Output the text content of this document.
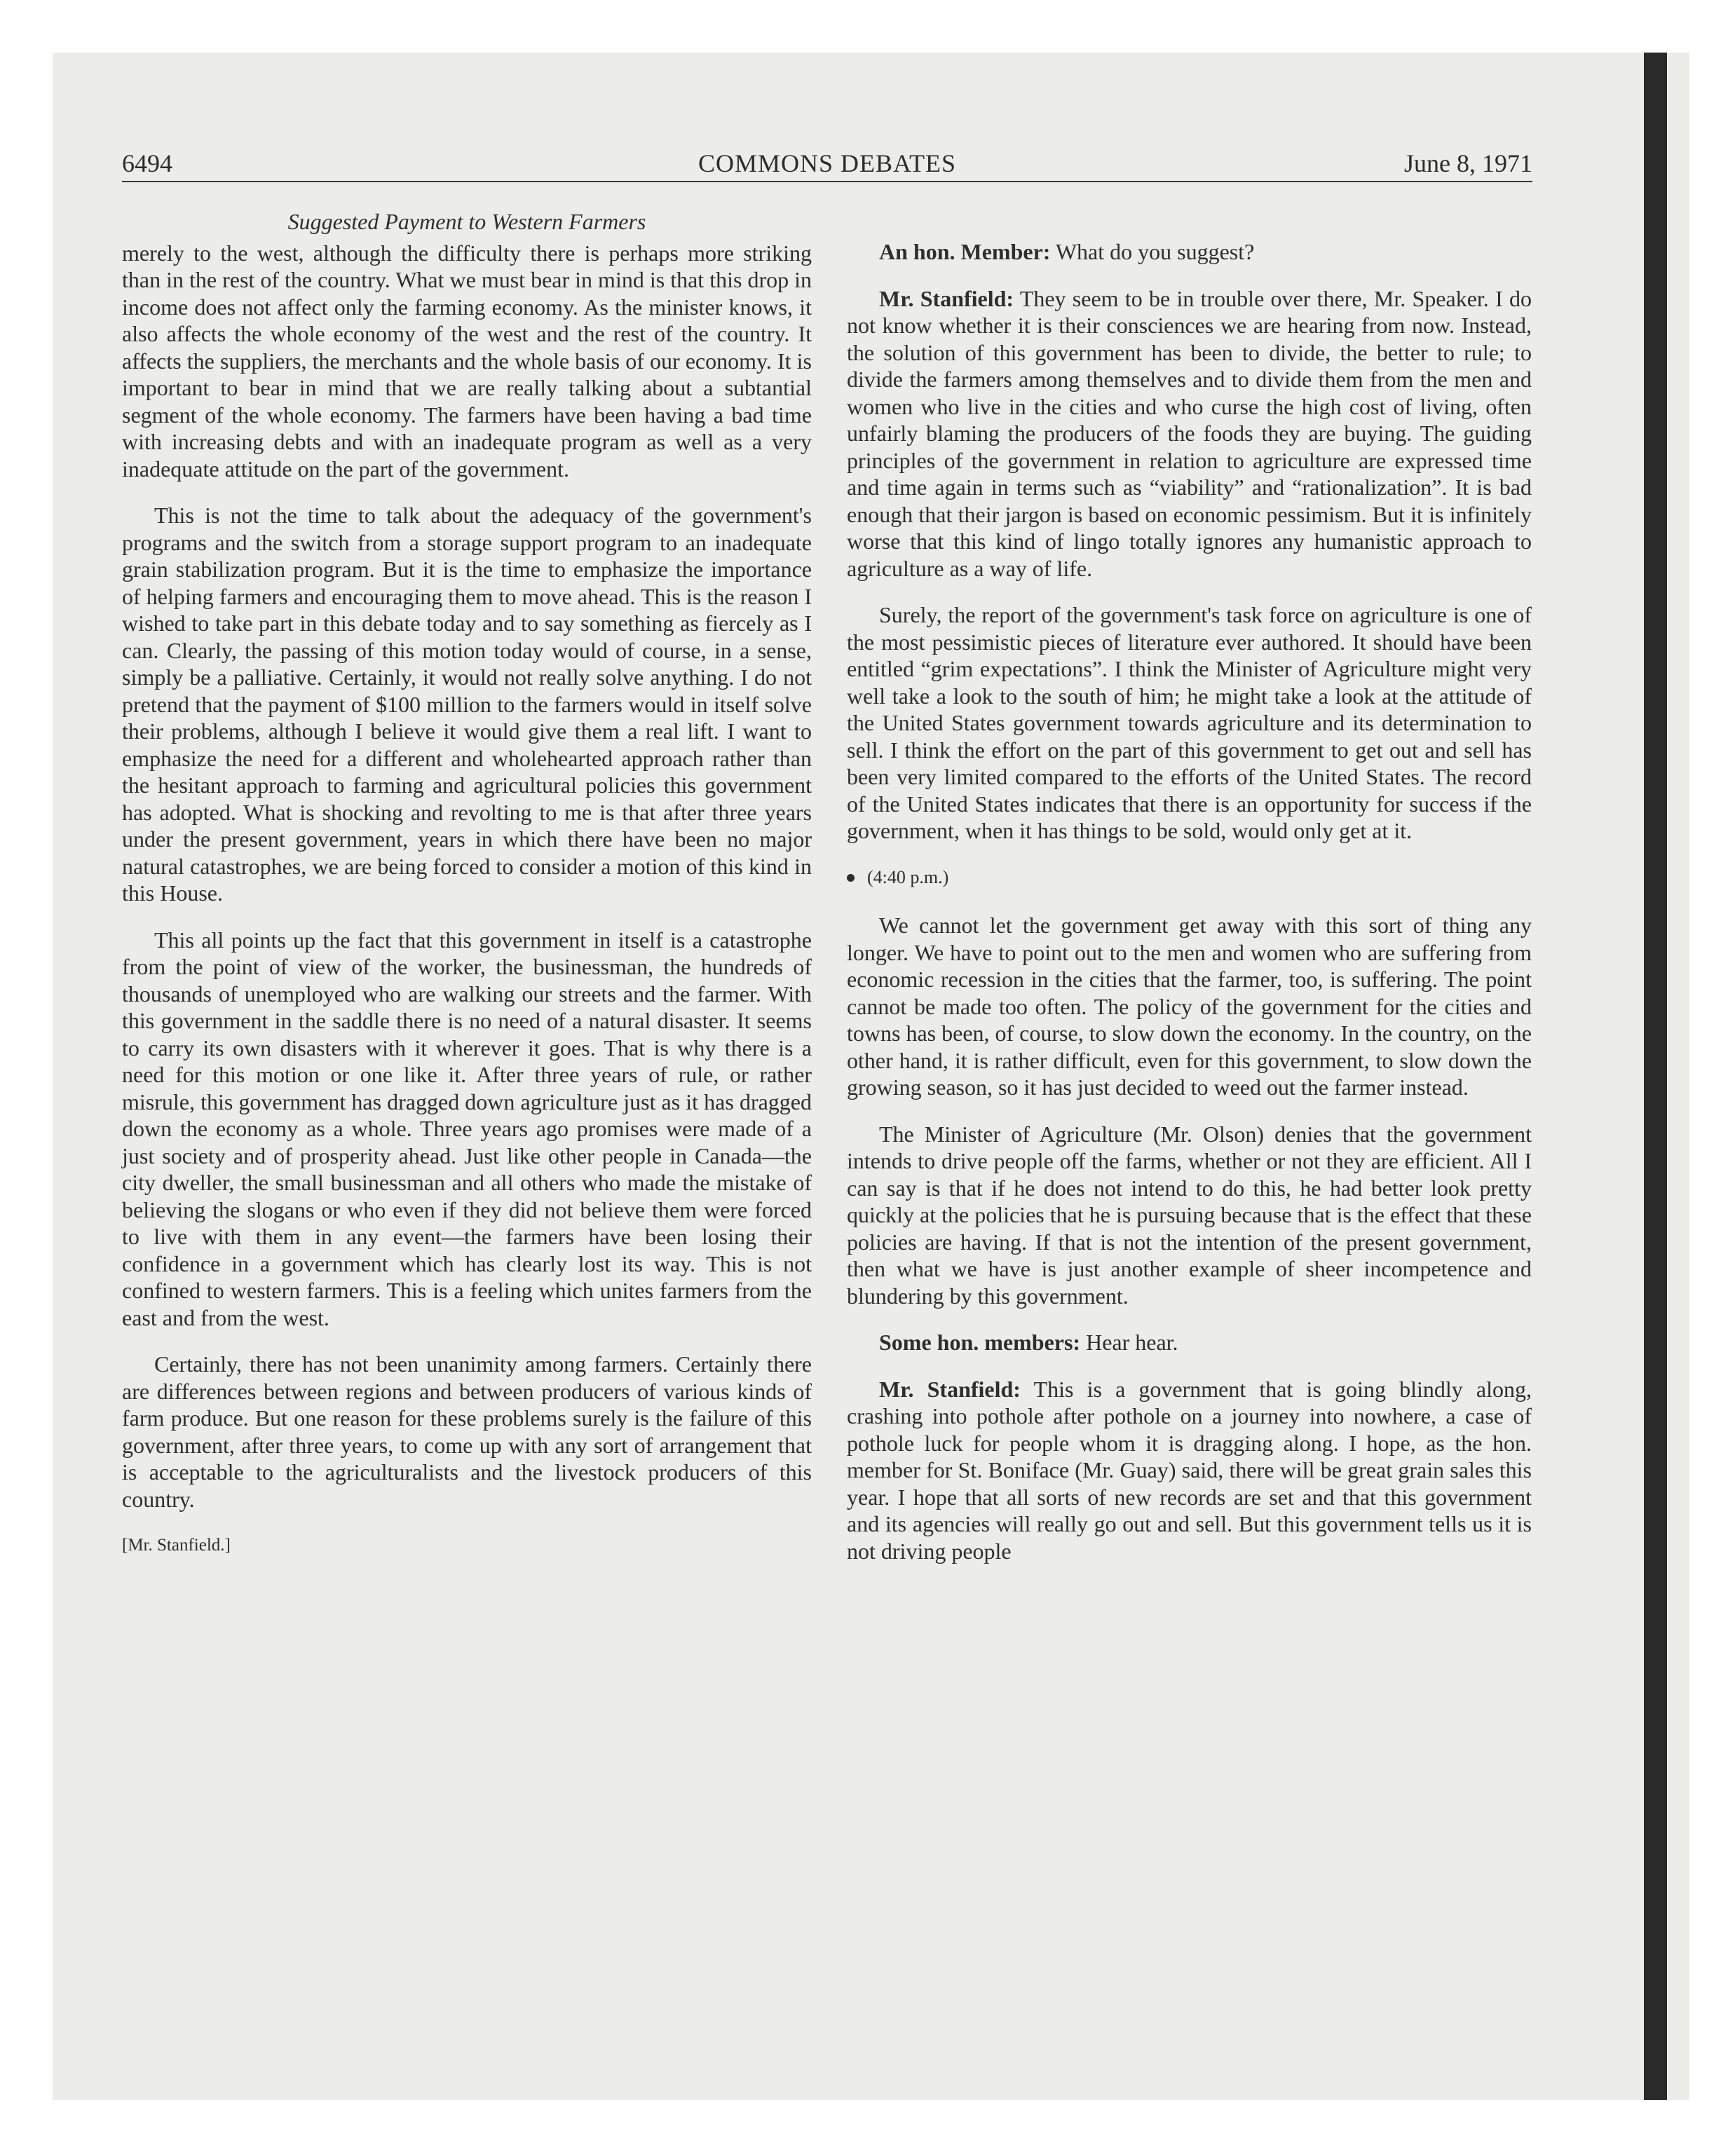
6494	COMMONS DEBATES	June 8, 1971
Suggested Payment to Western Farmers

merely to the west, although the difficulty there is perhaps more striking than in the rest of the country. What we must bear in mind is that this drop in income does not affect only the farming economy. As the minister knows, it also affects the whole economy of the west and the rest of the country. It affects the suppliers, the merchants and the whole basis of our economy. It is important to bear in mind that we are really talking about a subtantial segment of the whole economy. The farmers have been having a bad time with increasing debts and with an inadequate program as well as a very inadequate attitude on the part of the government.

This is not the time to talk about the adequacy of the government's programs and the switch from a storage support program to an inadequate grain stabilization program. But it is the time to emphasize the importance of helping farmers and encouraging them to move ahead. This is the reason I wished to take part in this debate today and to say something as fiercely as I can. Clearly, the passing of this motion today would of course, in a sense, simply be a palliative. Certainly, it would not really solve anything. I do not pretend that the payment of $100 million to the farmers would in itself solve their problems, although I believe it would give them a real lift. I want to emphasize the need for a different and wholehearted approach rather than the hesitant approach to farming and agricultural policies this government has adopted. What is shocking and revolting to me is that after three years under the present government, years in which there have been no major natural catastrophes, we are being forced to consider a motion of this kind in this House.

This all points up the fact that this government in itself is a catastrophe from the point of view of the worker, the businessman, the hundreds of thousands of unemployed who are walking our streets and the farmer. With this government in the saddle there is no need of a natural disaster. It seems to carry its own disasters with it wherever it goes. That is why there is a need for this motion or one like it. After three years of rule, or rather misrule, this government has dragged down agriculture just as it has dragged down the economy as a whole. Three years ago promises were made of a just society and of prosperity ahead. Just like other people in Canada—the city dweller, the small businessman and all others who made the mistake of believing the slogans or who even if they did not believe them were forced to live with them in any event—the farmers have been losing their confidence in a government which has clearly lost its way. This is not confined to western farmers. This is a feeling which unites farmers from the east and from the west.

Certainly, there has not been unanimity among farmers. Certainly there are differences between regions and between producers of various kinds of farm produce. But one reason for these problems surely is the failure of this government, after three years, to come up with any sort of arrangement that is acceptable to the agriculturalists and the livestock producers of this country.

[Mr. Stanfield.]

An hon. Member: What do you suggest?

Mr. Stanfield: They seem to be in trouble over there, Mr. Speaker. I do not know whether it is their consciences we are hearing from now. Instead, the solution of this government has been to divide, the better to rule; to divide the farmers among themselves and to divide them from the men and women who live in the cities and who curse the high cost of living, often unfairly blaming the producers of the foods they are buying. The guiding principles of the government in relation to agriculture are expressed time and time again in terms such as “viability” and “rationalization”. It is bad enough that their jargon is based on economic pessimism. But it is infinitely worse that this kind of lingo totally ignores any humanistic approach to agriculture as a way of life.

Surely, the report of the government's task force on agriculture is one of the most pessimistic pieces of literature ever authored. It should have been entitled “grim expectations”. I think the Minister of Agriculture might very well take a look to the south of him; he might take a look at the attitude of the United States government towards agriculture and its determination to sell. I think the effort on the part of this government to get out and sell has been very limited compared to the efforts of the United States. The record of the United States indicates that there is an opportunity for success if the government, when it has things to be sold, would only get at it.

(4:40 p.m.)

We cannot let the government get away with this sort of thing any longer. We have to point out to the men and women who are suffering from economic recession in the cities that the farmer, too, is suffering. The point cannot be made too often. The policy of the government for the cities and towns has been, of course, to slow down the economy. In the country, on the other hand, it is rather difficult, even for this government, to slow down the growing season, so it has just decided to weed out the farmer instead.

The Minister of Agriculture (Mr. Olson) denies that the government intends to drive people off the farms, whether or not they are efficient. All I can say is that if he does not intend to do this, he had better look pretty quickly at the policies that he is pursuing because that is the effect that these policies are having. If that is not the intention of the present government, then what we have is just another example of sheer incompetence and blundering by this government.

Some hon. members: Hear hear.

Mr. Stanfield: This is a government that is going blindly along, crashing into pothole after pothole on a journey into nowhere, a case of pothole luck for people whom it is dragging along. I hope, as the hon. member for St. Boniface (Mr. Guay) said, there will be great grain sales this year. I hope that all sorts of new records are set and that this government and its agencies will really go out and sell. But this government tells us it is not driving people
